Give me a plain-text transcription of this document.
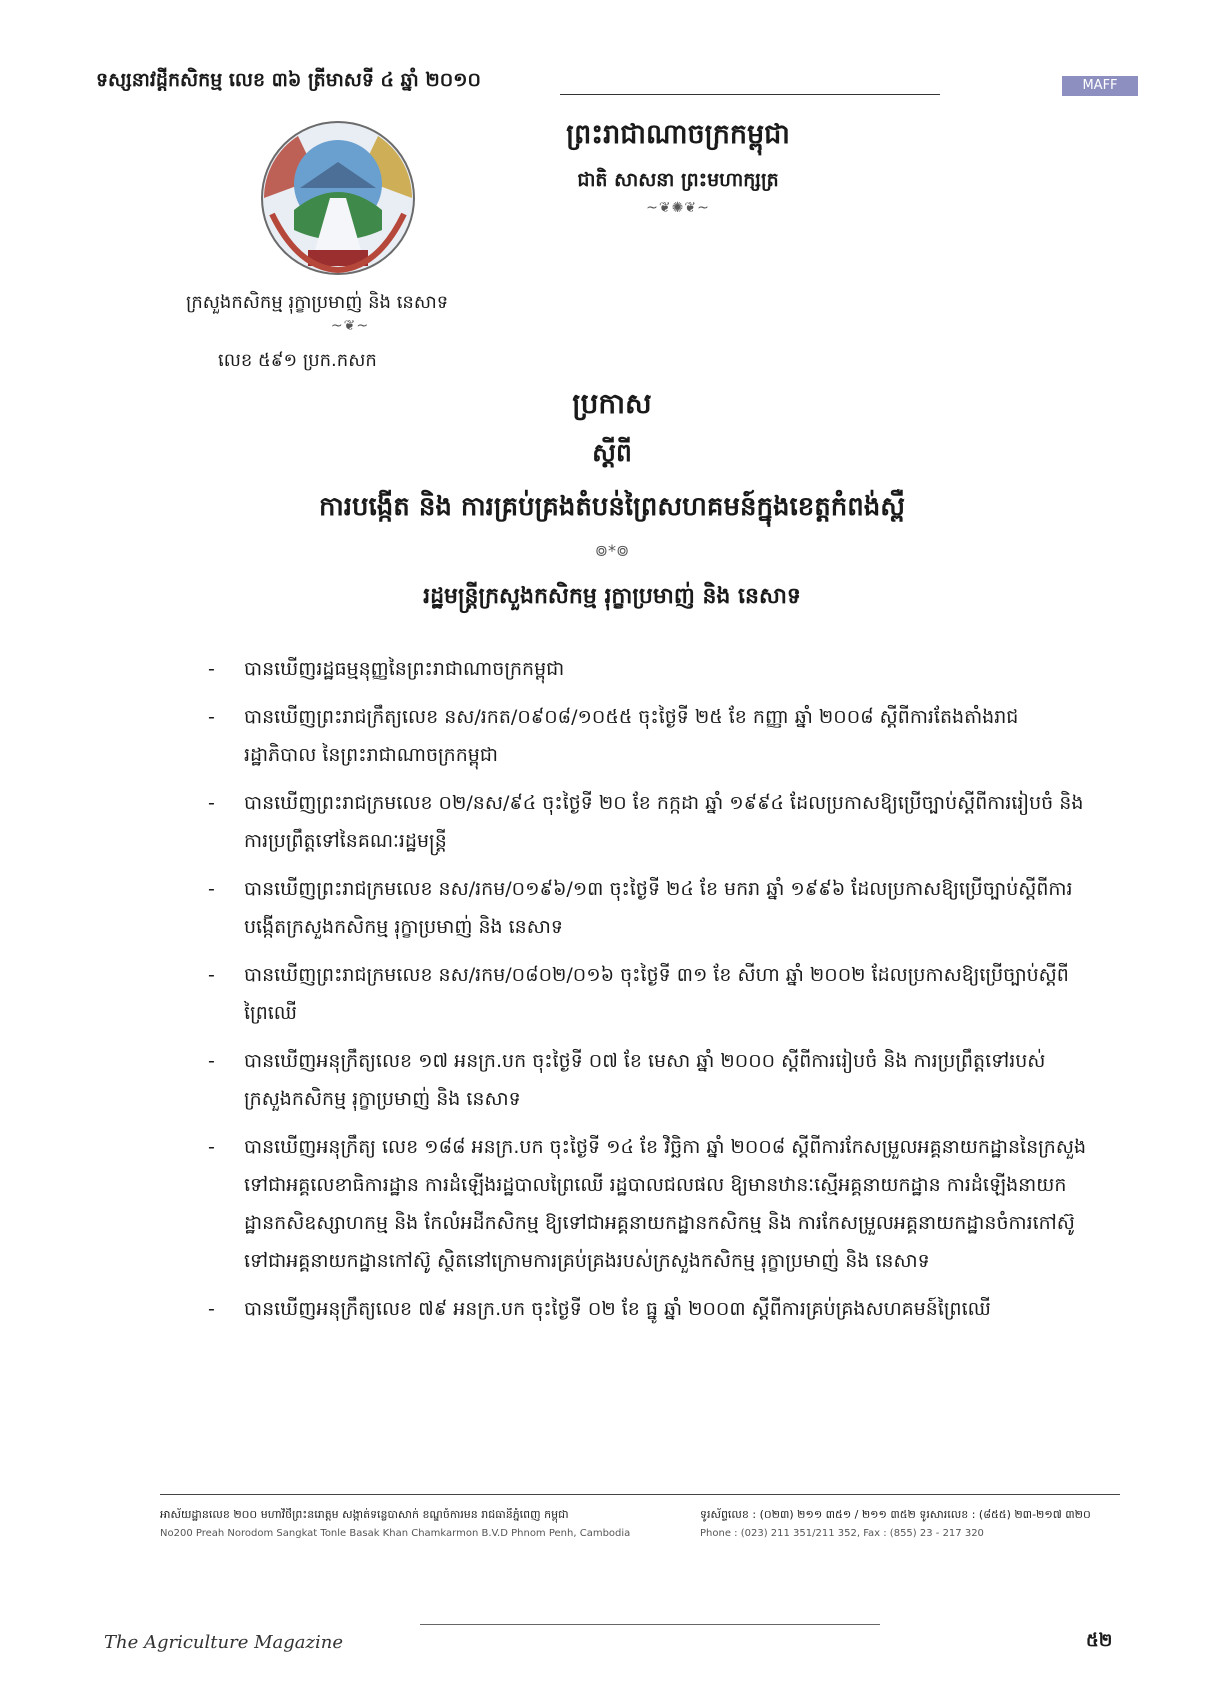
ទស្សនាវដ្តីកសិកម្ម លេខ ៣៦ ត្រីមាសទី ៤ ឆ្នាំ ២០១០	MAFF
ព្រះរាជាណាចក្រកម្ពុជា
ជាតិ សាសនា ព្រះមហាក្សត្រ
~❦✺❦~
ក្រសួងកសិកម្ម រុក្ខាប្រមាញ់ និង នេសាទ
~❦~
លេខ ៥៩១ ប្រក.កសក
ប្រកាស
ស្តីពី
ការបង្កើត និង ការគ្រប់គ្រងតំបន់ព្រៃសហគមន៍ក្នុងខេត្តកំពង់ស្ពឺ
៙*៙
រដ្ឋមន្ត្រីក្រសួងកសិកម្ម រុក្ខាប្រមាញ់ និង នេសាទ
- បានឃើញរដ្ឋធម្មនុញ្ញនៃព្រះរាជាណាចក្រកម្ពុជា
- បានឃើញព្រះរាជក្រឹត្យលេខ នស/រកត/០៩០៨/១០៥៥ ចុះថ្ងៃទី ២៥ ខែ កញ្ញា ឆ្នាំ ២០០៨ ស្តីពីការតែងតាំងរាជរដ្ឋាភិបាល នៃព្រះរាជាណាចក្រកម្ពុជា
- បានឃើញព្រះរាជក្រមលេខ ០២/នស/៩៤ ចុះថ្ងៃទី ២០ ខែ កក្កដា ឆ្នាំ ១៩៩៤ ដែលប្រកាសឱ្យប្រើច្បាប់ស្តីពីការរៀបចំ និង ការប្រព្រឹត្តទៅនៃគណៈរដ្ឋមន្ត្រី
- បានឃើញព្រះរាជក្រមលេខ នស/រកម/០១៩៦/១៣ ចុះថ្ងៃទី ២៤ ខែ មករា ឆ្នាំ ១៩៩៦ ដែលប្រកាសឱ្យប្រើច្បាប់ស្តីពីការបង្កើតក្រសួងកសិកម្ម រុក្ខាប្រមាញ់ និង នេសាទ
- បានឃើញព្រះរាជក្រមលេខ នស/រកម/០៨០២/០១៦ ចុះថ្ងៃទី ៣១ ខែ សីហា ឆ្នាំ ២០០២ ដែលប្រកាសឱ្យប្រើច្បាប់ស្តីពីព្រៃឈើ
- បានឃើញអនុក្រឹត្យលេខ ១៧ អនក្រ.បក ចុះថ្ងៃទី ០៧ ខែ មេសា ឆ្នាំ ២០០០ ស្តីពីការរៀបចំ និង ការប្រព្រឹត្តទៅរបស់ក្រសួងកសិកម្ម រុក្ខាប្រមាញ់ និង នេសាទ
- បានឃើញអនុក្រឹត្យ លេខ ១៨៨ អនក្រ.បក ចុះថ្ងៃទី ១៤ ខែ វិច្ឆិកា ឆ្នាំ ២០០៨ ស្តីពីការកែសម្រួលអគ្គនាយកដ្ឋាននៃក្រសួង ទៅជាអគ្គលេខាធិការដ្ឋាន ការដំឡើងរដ្ឋបាលព្រៃឈើ រដ្ឋបាលជលផល ឱ្យមានឋានៈស្មើអគ្គនាយកដ្ឋាន ការដំឡើងនាយកដ្ឋានកសិឧស្សាហកម្ម និង កែលំអដីកសិកម្ម ឱ្យទៅជាអគ្គនាយកដ្ឋានកសិកម្ម និង ការកែសម្រួលអគ្គនាយកដ្ឋានចំការកៅស៊ូទៅជាអគ្គនាយកដ្ឋានកៅស៊ូ ស្ថិតនៅក្រោមការគ្រប់គ្រងរបស់ក្រសួងកសិកម្ម រុក្ខាប្រមាញ់ និង នេសាទ
- បានឃើញអនុក្រឹត្យលេខ ៧៩ អនក្រ.បក ចុះថ្ងៃទី ០២ ខែ ធ្នូ ឆ្នាំ ២០០៣ ស្តីពីការគ្រប់គ្រងសហគមន៍ព្រៃឈើ
អាស័យដ្ឋានលេខ ២០០ មហាវិថីព្រះនរោត្តម សង្កាត់ទន្លេបាសាក់ ខណ្ឌចំការមន រាជធានីភ្នំពេញ កម្ពុជា
No200 Preah Norodom Sangkat Tonle Basak Khan Chamkarmon B.V.D Phnom Penh, Cambodia
ទូរស័ព្ទលេខ : (០២៣) ២១១ ៣៥១ / ២១១ ៣៥២ ទូរសារលេខ : (៨៥៥) ២៣-២១៧ ៣២០
Phone : (023) 211 351/211 352, Fax : (855) 23 - 217 320
The Agriculture Magazine	៥២
